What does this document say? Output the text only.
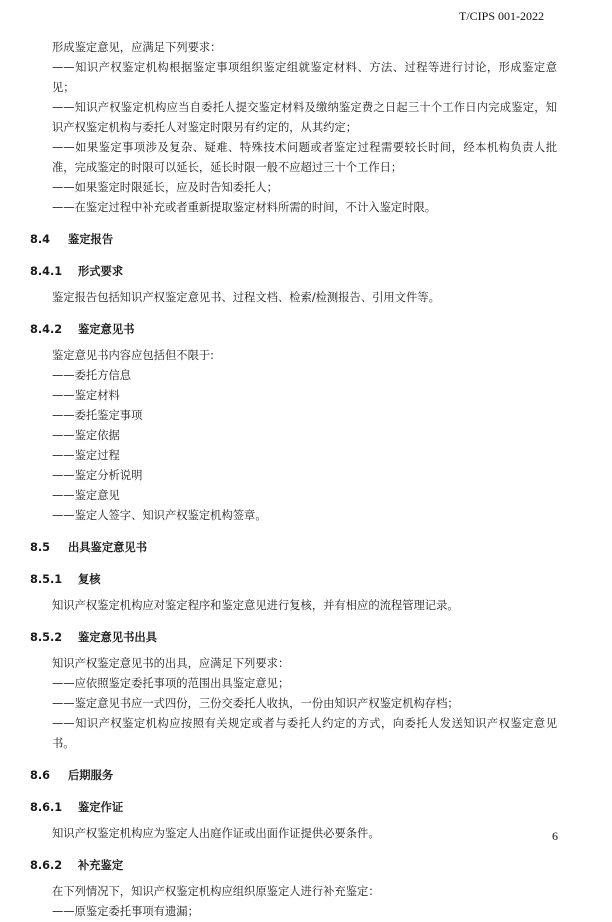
T/CIPS 001-2022

形成鉴定意见，应满足下列要求：

——知识产权鉴定机构根据鉴定事项组织鉴定组就鉴定材料、方法、过程等进行讨论，形成鉴定意见；

——知识产权鉴定机构应当自委托人提交鉴定材料及缴纳鉴定费之日起三十个工作日内完成鉴定，知识产权鉴定机构与委托人对鉴定时限另有约定的，从其约定；

——如果鉴定事项涉及复杂、疑难、特殊技术问题或者鉴定过程需要较长时间，经本机构负责人批准，完成鉴定的时限可以延长，延长时限一般不应超过三十个工作日；

——如果鉴定时限延长，应及时告知委托人；

——在鉴定过程中补充或者重新提取鉴定材料所需的时间，不计入鉴定时限。

8.4 鉴定报告
8.4.1 形式要求

鉴定报告包括知识产权鉴定意见书、过程文档、检索/检测报告、引用文件等。

8.4.2 鉴定意见书

鉴定意见书内容应包括但不限于:

——委托方信息

——鉴定材料

——委托鉴定事项

——鉴定依据

——鉴定过程

——鉴定分析说明

——鉴定意见

——鉴定人签字、知识产权鉴定机构签章。

8.5 出具鉴定意见书
8.5.1 复核

知识产权鉴定机构应对鉴定程序和鉴定意见进行复核，并有相应的流程管理记录。

8.5.2 鉴定意见书出具

知识产权鉴定意见书的出具，应满足下列要求：

——应依照鉴定委托事项的范围出具鉴定意见；

——鉴定意见书应一式四份，三份交委托人收执，一份由知识产权鉴定机构存档；

——知识产权鉴定机构应按照有关规定或者与委托人约定的方式，向委托人发送知识产权鉴定意见书。

8.6 后期服务
8.6.1 鉴定作证

知识产权鉴定机构应为鉴定人出庭作证或出面作证提供必要条件。

8.6.2 补充鉴定

在下列情况下，知识产权鉴定机构应组织原鉴定人进行补充鉴定：

——原鉴定委托事项有遗漏；

6
